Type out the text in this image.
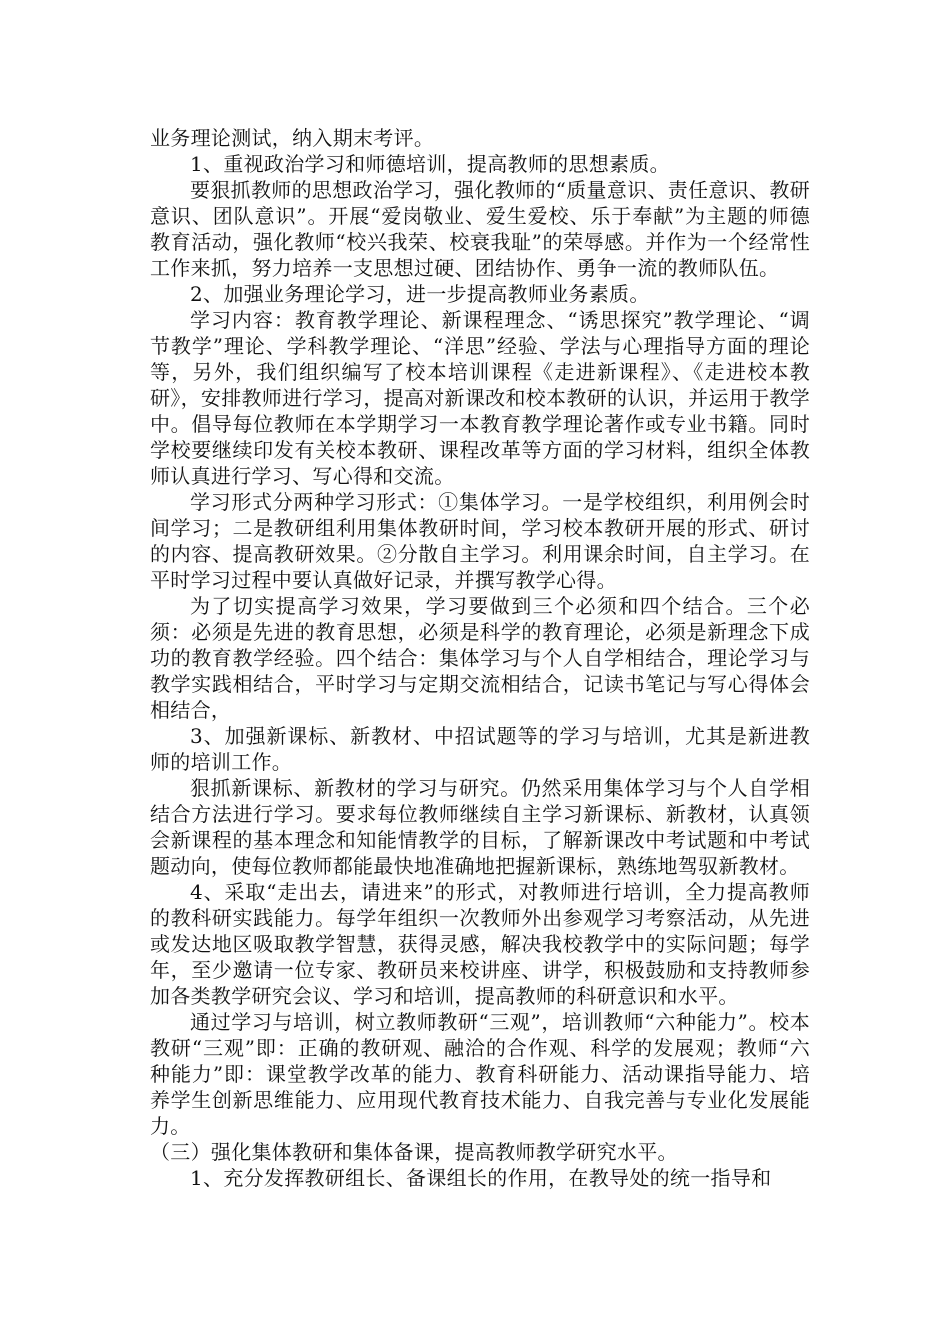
业务理论测试，纳入期末考评。

1、重视政治学习和师德培训，提高教师的思想素质。

要狠抓教师的思想政治学习，强化教师的“质量意识、责任意识、教研意识、团队意识”。开展“爱岗敬业、爱生爱校、乐于奉献”为主题的师德教育活动，强化教师“校兴我荣、校衰我耻”的荣辱感。并作为一个经常性工作来抓，努力培养一支思想过硬、团结协作、勇争一流的教师队伍。

2、加强业务理论学习，进一步提高教师业务素质。

学习内容：教育教学理论、新课程理念、“诱思探究”教学理论、“调节教学”理论、学科教学理论、“洋思”经验、学法与心理指导方面的理论等，另外，我们组织编写了校本培训课程《走进新课程》、《走进校本教研》，安排教师进行学习，提高对新课改和校本教研的认识，并运用于教学中。倡导每位教师在本学期学习一本教育教学理论著作或专业书籍。同时学校要继续印发有关校本教研、课程改革等方面的学习材料，组织全体教师认真进行学习、写心得和交流。

学习形式分两种学习形式：①集体学习。一是学校组织，利用例会时间学习；二是教研组利用集体教研时间，学习校本教研开展的形式、研讨的内容、提高教研效果。②分散自主学习。利用课余时间，自主学习。在平时学习过程中要认真做好记录，并撰写教学心得。

为了切实提高学习效果，学习要做到三个必须和四个结合。三个必须：必须是先进的教育思想，必须是科学的教育理论，必须是新理念下成功的教育教学经验。四个结合：集体学习与个人自学相结合，理论学习与教学实践相结合，平时学习与定期交流相结合，记读书笔记与写心得体会相结合，

3、加强新课标、新教材、中招试题等的学习与培训，尤其是新进教师的培训工作。

狠抓新课标、新教材的学习与研究。仍然采用集体学习与个人自学相结合方法进行学习。要求每位教师继续自主学习新课标、新教材，认真领会新课程的基本理念和知能情教学的目标，了解新课改中考试题和中考试题动向，使每位教师都能最快地准确地把握新课标，熟练地驾驭新教材。

4、采取“走出去，请进来”的形式，对教师进行培训，全力提高教师的教科研实践能力。每学年组织一次教师外出参观学习考察活动，从先进或发达地区吸取教学智慧，获得灵感，解决我校教学中的实际问题；每学年，至少邀请一位专家、教研员来校讲座、讲学，积极鼓励和支持教师参加各类教学研究会议、学习和培训，提高教师的科研意识和水平。

通过学习与培训，树立教师教研“三观”，培训教师“六种能力”。校本教研“三观”即：正确的教研观、融洽的合作观、科学的发展观；教师“六种能力”即：课堂教学改革的能力、教育科研能力、活动课指导能力、培养学生创新思维能力、应用现代教育技术能力、自我完善与专业化发展能力。

（三）强化集体教研和集体备课，提高教师教学研究水平。

1、充分发挥教研组长、备课组长的作用，在教导处的统一指导和
